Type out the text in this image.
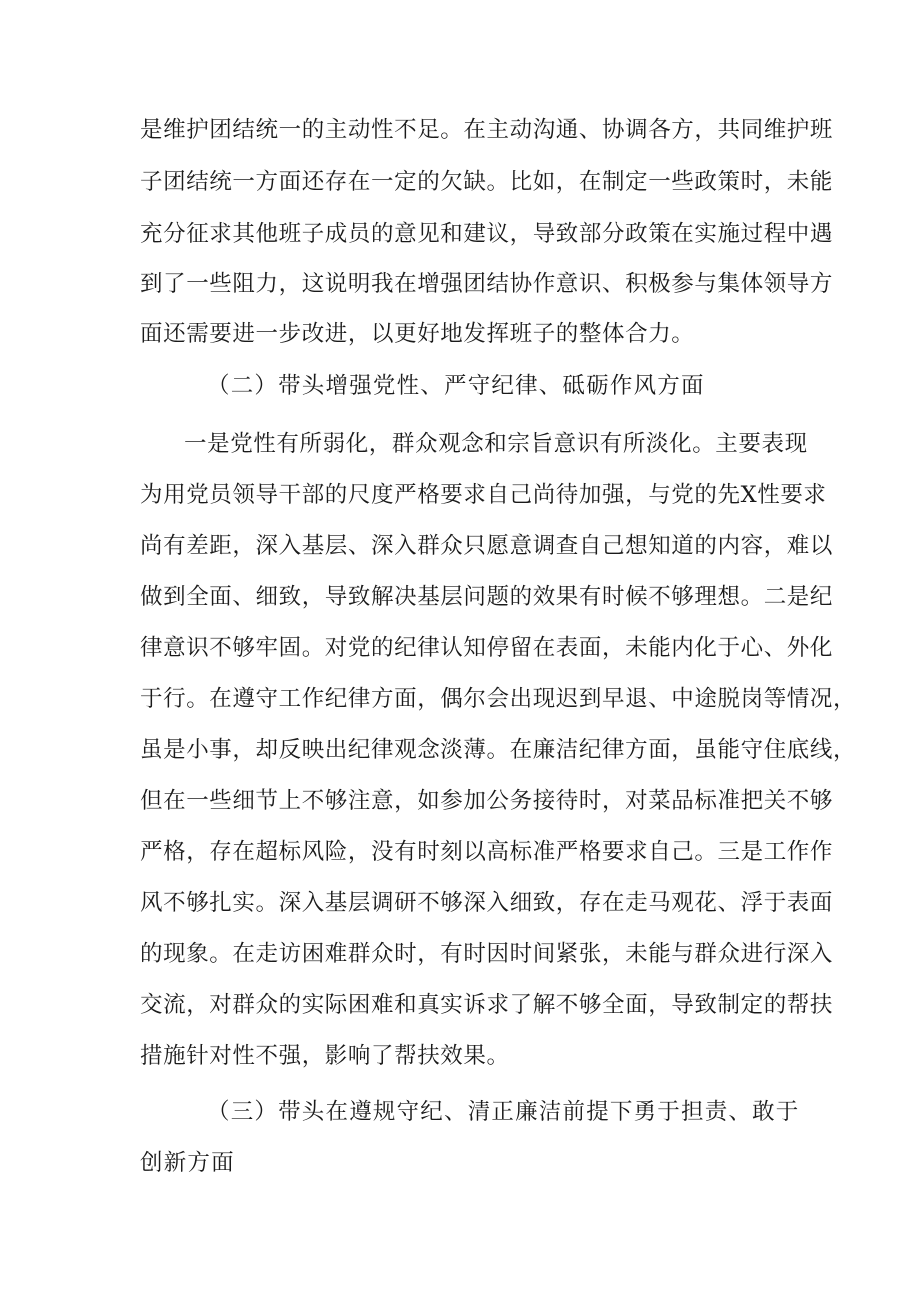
是维护团结统一的主动性不足。在主动沟通、协调各方，共同维护班
子团结统一方面还存在一定的欠缺。比如，在制定一些政策时，未能
充分征求其他班子成员的意见和建议，导致部分政策在实施过程中遇
到了一些阻力，这说明我在增强团结协作意识、积极参与集体领导方
面还需要进一步改进，以更好地发挥班子的整体合力。
（二）带头增强党性、严守纪律、砥砺作风方面
一是党性有所弱化，群众观念和宗旨意识有所淡化。主要表现
为用党员领导干部的尺度严格要求自己尚待加强，与党的先X性要求
尚有差距，深入基层、深入群众只愿意调查自己想知道的内容，难以
做到全面、细致，导致解决基层问题的效果有时候不够理想。二是纪
律意识不够牢固。对党的纪律认知停留在表面，未能内化于心、外化
于行。在遵守工作纪律方面，偶尔会出现迟到早退、中途脱岗等情况，
虽是小事，却反映出纪律观念淡薄。在廉洁纪律方面，虽能守住底线，
但在一些细节上不够注意，如参加公务接待时，对菜品标准把关不够
严格，存在超标风险，没有时刻以高标准严格要求自己。三是工作作
风不够扎实。深入基层调研不够深入细致，存在走马观花、浮于表面
的现象。在走访困难群众时，有时因时间紧张，未能与群众进行深入
交流，对群众的实际困难和真实诉求了解不够全面，导致制定的帮扶
措施针对性不强，影响了帮扶效果。
（三）带头在遵规守纪、清正廉洁前提下勇于担责、敢于
创新方面
